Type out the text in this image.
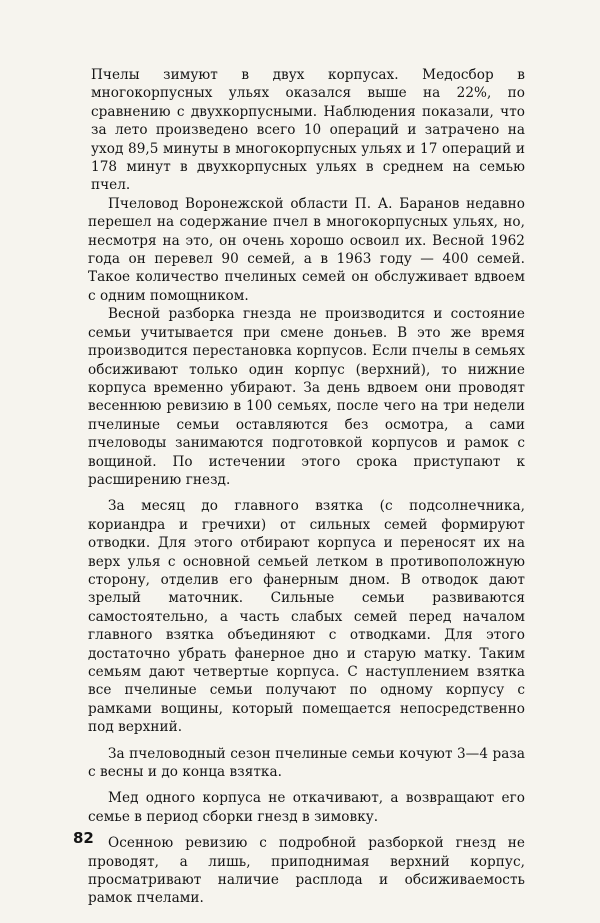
Пчелы зимуют в двух корпусах. Медосбор в многокорпусных ульях оказался выше на 22%, по сравнению с двухкорпусными. Наблюдения показали, что за лето произведено всего 10 операций и затрачено на уход 89,5 минуты в многокорпусных ульях и 17 операций и 178 минут в двухкорпусных ульях в среднем на семью пчел.

Пчеловод Воронежской области П. А. Баранов недавно перешел на содержание пчел в многокорпусных ульях, но, несмотря на это, он очень хорошо освоил их. Весной 1962 года он перевел 90 семей, а в 1963 году — 400 семей. Такое количество пчелиных семей он обслуживает вдвоем с одним помощником.

Весной разборка гнезда не производится и состояние семьи учитывается при смене доньев. В это же время производится перестановка корпусов. Если пчелы в семьях обсиживают только один корпус (верхний), то нижние корпуса временно убирают. За день вдвоем они проводят весеннюю ревизию в 100 семьях, после чего на три недели пчелиные семьи оставляются без осмотра, а сами пчеловоды занимаются подготовкой корпусов и рамок с вощиной. По истечении этого срока приступают к расширению гнезд.

За месяц до главного взятка (с подсолнечника, кориандра и гречихи) от сильных семей формируют отводки. Для этого отбирают корпуса и переносят их на верх улья с основной семьей летком в противоположную сторону, отделив его фанерным дном. В отводок дают зрелый маточник. Сильные семьи развиваются самостоятельно, а часть слабых семей перед началом главного взятка объединяют с отводками. Для этого достаточно убрать фанерное дно и старую матку. Таким семьям дают четвертые корпуса. С наступлением взятка все пчелиные семьи получают по одному корпусу с рамками вощины, который помещается непосредственно под верхний.

За пчеловодный сезон пчелиные семьи кочуют 3—4 раза с весны и до конца взятка.

Мед одного корпуса не откачивают, а возвращают его семье в период сборки гнезд в зимовку.

Осенною ревизию с подробной разборкой гнезд не проводят, а лишь, приподнимая верхний корпус, просматривают наличие расплода и обсиживаемость рамок пчелами.

82
